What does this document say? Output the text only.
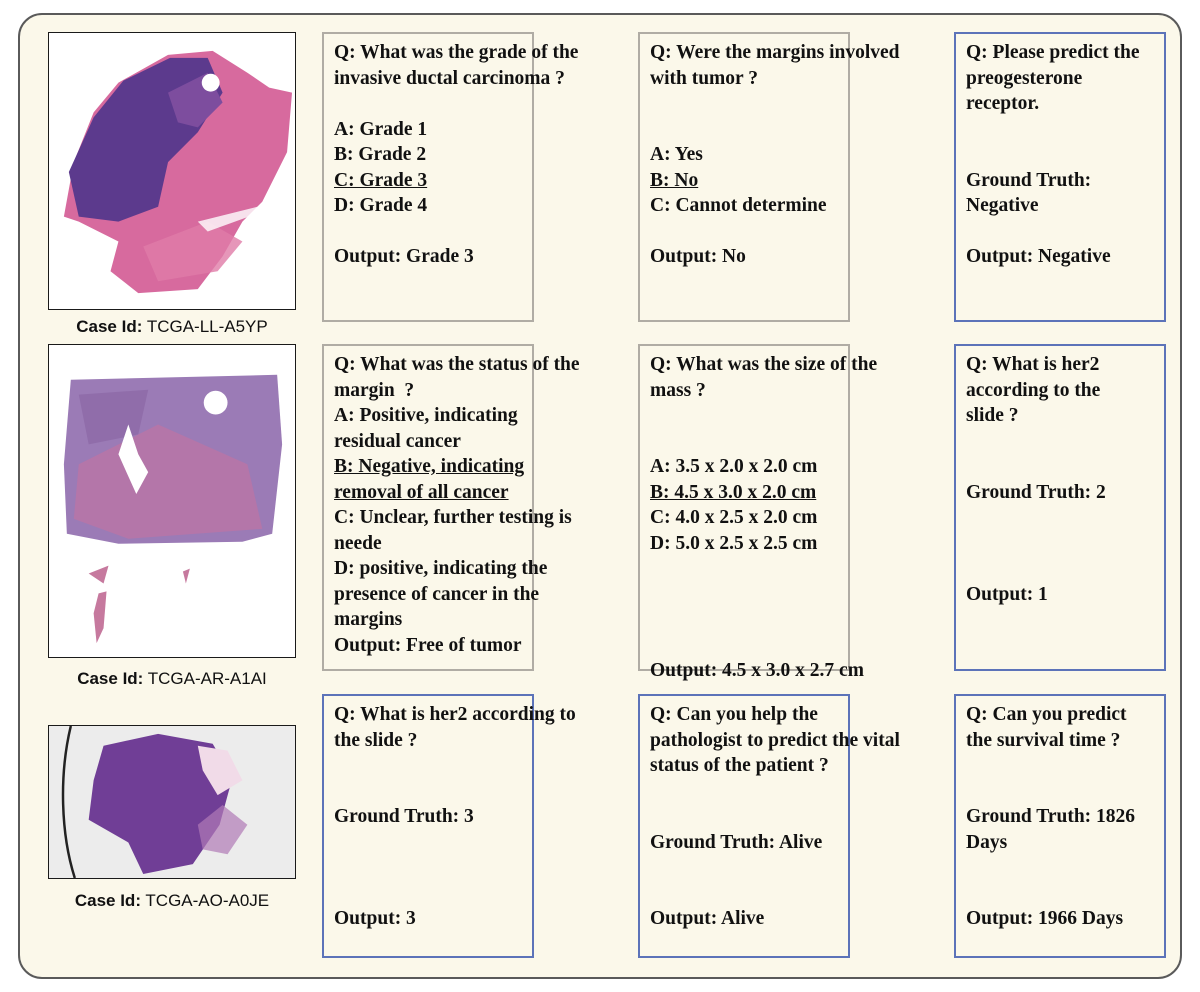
Case Id: TCGA-LL-A5YP
Case Id: TCGA-AR-A1AI
Case Id: TCGA-AO-A0JE

Q: What was the grade of the

invasive ductal carcinoma ?

A: Grade 1

B: Grade 2

C: Grade 3

D: Grade 4

Output: Grade 3

Q: Were the margins involved

with tumor ?

A: Yes

B: No

C: Cannot determine

Output: No

Q: Please predict the

preogesterone

receptor.

Ground Truth:

Negative

Output: Negative

Q: What was the status of the

margin  ?

A: Positive, indicating

residual cancer

B: Negative, indicating

removal of all cancer

C: Unclear, further testing is

neede

D: positive, indicating the

presence of cancer in the

margins

Output: Free of tumor

Q: What was the size of the

mass ?

A: 3.5 x 2.0 x 2.0 cm

B: 4.5 x 3.0 x 2.0 cm

C: 4.0 x 2.5 x 2.0 cm

D: 5.0 x 2.5 x 2.5 cm

Output: 4.5 x 3.0 x 2.7 cm

Q: What is her2

according to the

slide ?

Ground Truth: 2

Output: 1

Q: What is her2 according to

the slide ?

Ground Truth: 3

Output: 3

Q: Can you help the

pathologist to predict the vital

status of the patient ?

Ground Truth: Alive

Output: Alive

Q: Can you predict

the survival time ?

Ground Truth: 1826

Days

Output: 1966 Days
